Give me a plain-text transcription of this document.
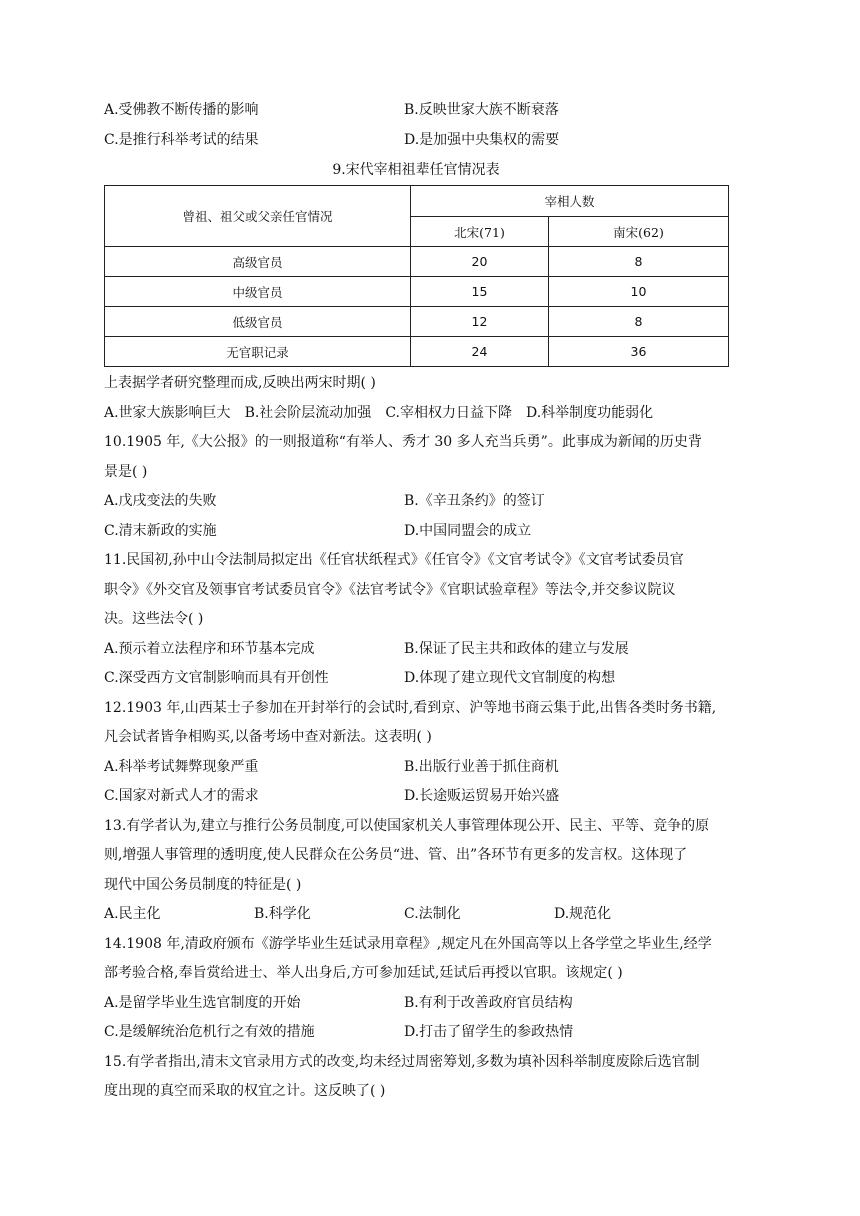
A.受佛教不断传播的影响	B.反映世家大族不断衰落
C.是推行科举考试的结果	D.是加强中央集权的需要
9.宋代宰相祖辈任官情况表
曾祖、祖父或父亲任官情况	宰相人数	
	北宋(71)	南宋(62)
高级官员	20	8
中级官员	15	10
低级官员	12	8
无官职记录	24	36
上表据学者研究整理而成,反映出两宋时期( )
A.世家大族影响巨大 B.社会阶层流动加强 C.宰相权力日益下降 D.科举制度功能弱化
10.1905 年,《大公报》的一则报道称“有举人、秀才 30 多人充当兵勇”。此事成为新闻的历史背
景是( )
A.戊戌变法的失败	B.《辛丑条约》的签订
C.清末新政的实施	D.中国同盟会的成立
11.民国初,孙中山令法制局拟定出《任官状纸程式》《任官令》《文官考试令》《文官考试委员官
职令》《外交官及领事官考试委员官令》《法官考试令》《官职试验章程》等法令,并交参议院议
决。这些法令( )
A.预示着立法程序和环节基本完成	B.保证了民主共和政体的建立与发展
C.深受西方文官制影响而具有开创性	D.体现了建立现代文官制度的构想
12.1903 年,山西某士子参加在开封举行的会试时,看到京、沪等地书商云集于此,出售各类时务书籍,
凡会试者皆争相购买,以备考场中查对新法。这表明( )
A.科举考试舞弊现象严重	B.出版行业善于抓住商机
C.国家对新式人才的需求	D.长途贩运贸易开始兴盛
13.有学者认为,建立与推行公务员制度,可以使国家机关人事管理体现公开、民主、平等、竞争的原
则,增强人事管理的透明度,使人民群众在公务员“进、管、出”各环节有更多的发言权。这体现了
现代中国公务员制度的特征是( )
A.民主化	B.科学化	C.法制化	D.规范化
14.1908 年,清政府颁布《游学毕业生廷试录用章程》,规定凡在外国高等以上各学堂之毕业生,经学
部考验合格,奉旨赏给进士、举人出身后,方可参加廷试,廷试后再授以官职。该规定( )
A.是留学毕业生选官制度的开始	B.有利于改善政府官员结构
C.是缓解统治危机行之有效的措施	D.打击了留学生的参政热情
15.有学者指出,清末文官录用方式的改变,均未经过周密筹划,多数为填补因科举制度废除后选官制
度出现的真空而采取的权宜之计。这反映了( )
